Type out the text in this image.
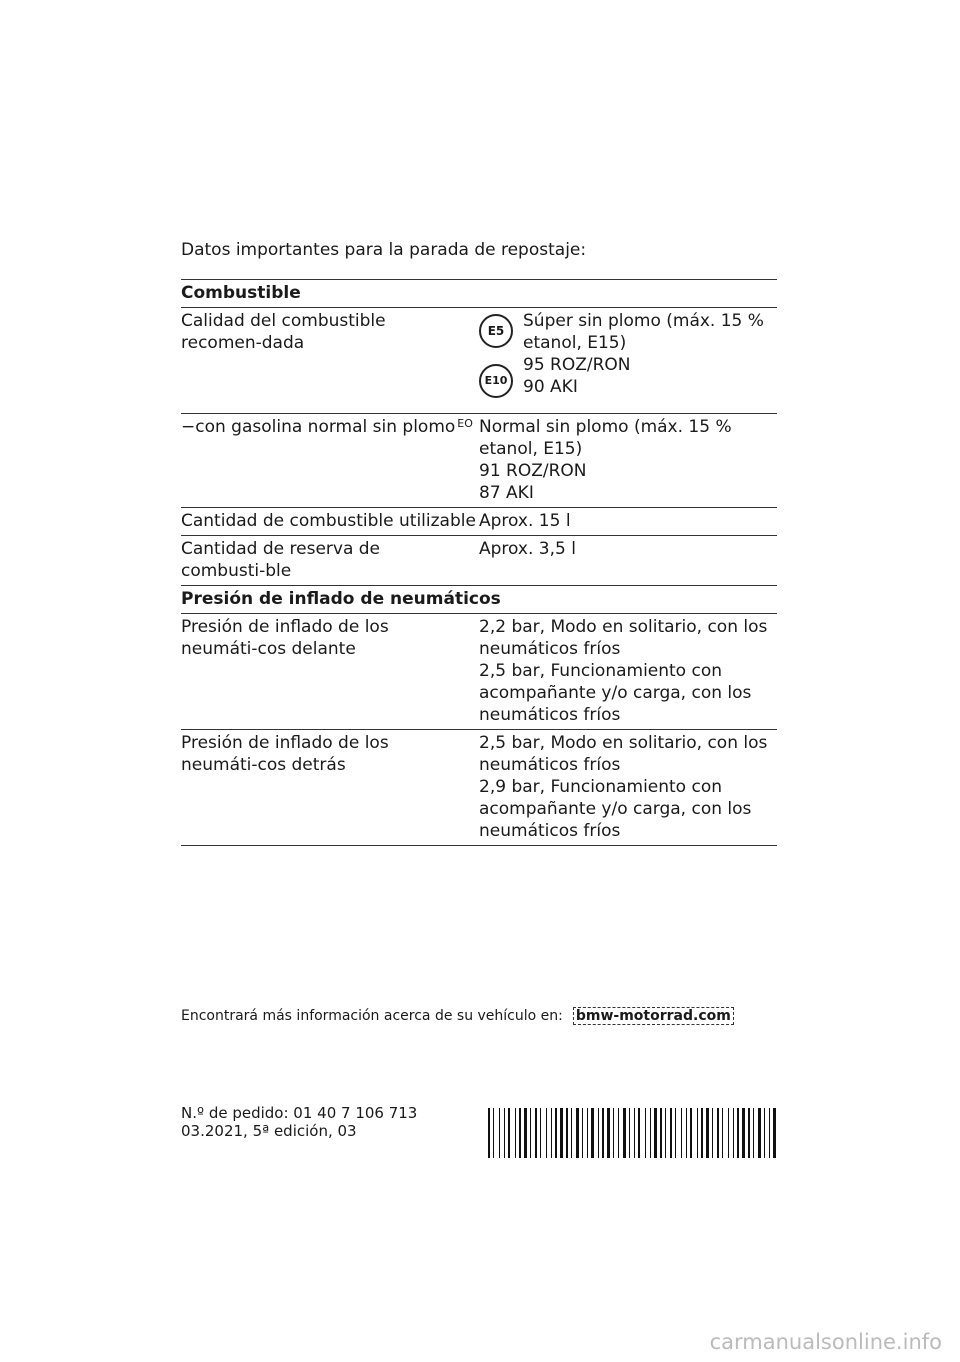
Datos importantes para la parada de repostaje:
Combustible
Calidad del combustible recomen-dada
E5
E10
Súper sin plomo (máx. 15 %
etanol, E15)
95 ROZ/RON
90 AKI
−con gasolina normal sin plomo $^{EO}$ Normal sin plomo (máx. 15 %
etanol, E15)
91 ROZ/RON
87 AKI
Cantidad de combustible utilizable Aprox. 15 l
Cantidad de reserva de combusti-ble
Aprox. 3,5 l
Presión de inflado de neumáticos
Presión de inflado de los neumáti-cos delante
2,2 bar, Modo en solitario, con los
neumáticos fríos
2,5 bar, Funcionamiento con
acompañante y/o carga, con los
neumáticos fríos
Presión de inflado de los neumáti-cos detrás
2,5 bar, Modo en solitario, con los
neumáticos fríos
2,9 bar, Funcionamiento con
acompañante y/o carga, con los
neumáticos fríos
Encontrará más información acerca de su vehículo en: bmw-motorrad.com
N.º de pedido: 01 40 7 106 713
03.2021, 5ª edición, 03
carmanualsonline.info
